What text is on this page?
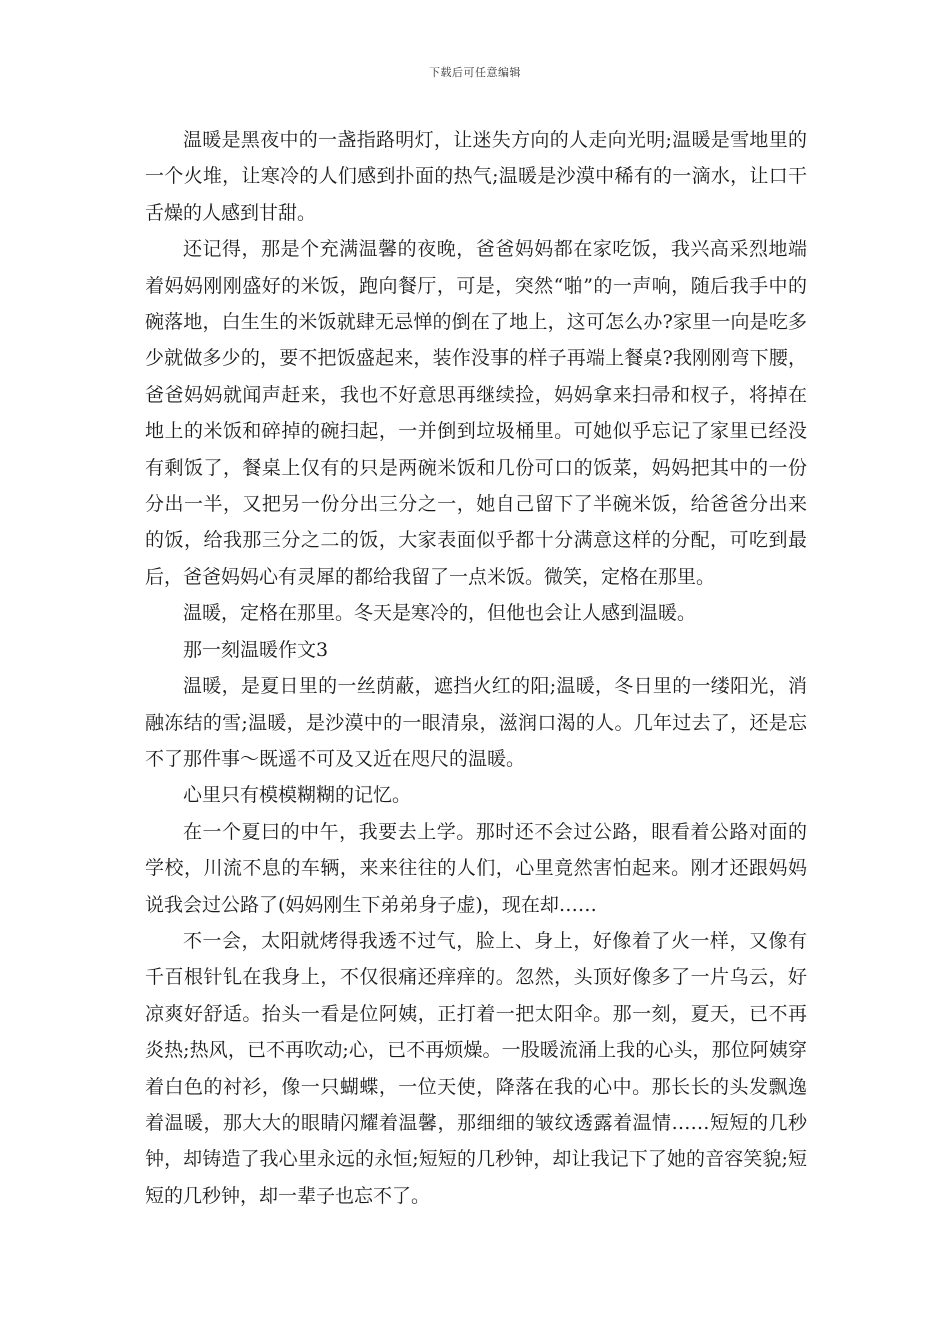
下载后可任意编辑

温暖是黑夜中的一盏指路明灯，让迷失方向的人走向光明;温暖是雪地里的一个火堆，让寒冷的人们感到扑面的热气;温暖是沙漠中稀有的一滴水，让口干舌燥的人感到甘甜。

还记得，那是个充满温馨的夜晚，爸爸妈妈都在家吃饭，我兴高采烈地端着妈妈刚刚盛好的米饭，跑向餐厅，可是，突然“啪”的一声响，随后我手中的碗落地，白生生的米饭就肆无忌惮的倒在了地上，这可怎么办?家里一向是吃多少就做多少的，要不把饭盛起来，装作没事的样子再端上餐桌?我刚刚弯下腰，爸爸妈妈就闻声赶来，我也不好意思再继续捡，妈妈拿来扫帚和杈子，将掉在地上的米饭和碎掉的碗扫起，一并倒到垃圾桶里。可她似乎忘记了家里已经没有剩饭了，餐桌上仅有的只是两碗米饭和几份可口的饭菜，妈妈把其中的一份分出一半，又把另一份分出三分之一，她自己留下了半碗米饭，给爸爸分出来的饭，给我那三分之二的饭，大家表面似乎都十分满意这样的分配，可吃到最后，爸爸妈妈心有灵犀的都给我留了一点米饭。微笑，定格在那里。

温暖，定格在那里。冬天是寒冷的，但他也会让人感到温暖。

那一刻温暖作文3

温暖，是夏日里的一丝荫蔽，遮挡火红的阳;温暖，冬日里的一缕阳光，消融冻结的雪;温暖，是沙漠中的一眼清泉，滋润口渴的人。几年过去了，还是忘不了那件事～既遥不可及又近在咫尺的温暖。

心里只有模模糊糊的记忆。

在一个夏曰的中午，我要去上学。那时还不会过公路，眼看着公路对面的学校，川流不息的车辆，来来往往的人们，心里竟然害怕起来。刚才还跟妈妈说我会过公路了(妈妈刚生下弟弟身子虚)，现在却……

不一会，太阳就烤得我透不过气，脸上、身上，好像着了火一样，又像有千百根针钆在我身上，不仅很痛还痒痒的。忽然，头顶好像多了一片乌云，好凉爽好舒适。抬头一看是位阿姨，正打着一把太阳伞。那一刻，夏天，已不再炎热;热风，已不再吹动;心，已不再烦燥。一股暖流涌上我的心头，那位阿姨穿着白色的衬衫，像一只蝴蝶，一位天使，降落在我的心中。那长长的头发飘逸着温暖，那大大的眼睛闪耀着温馨，那细细的皱纹透露着温情……短短的几秒钟，却铸造了我心里永远的永恒;短短的几秒钟，却让我记下了她的音容笑貌;短短的几秒钟，却一辈子也忘不了。
